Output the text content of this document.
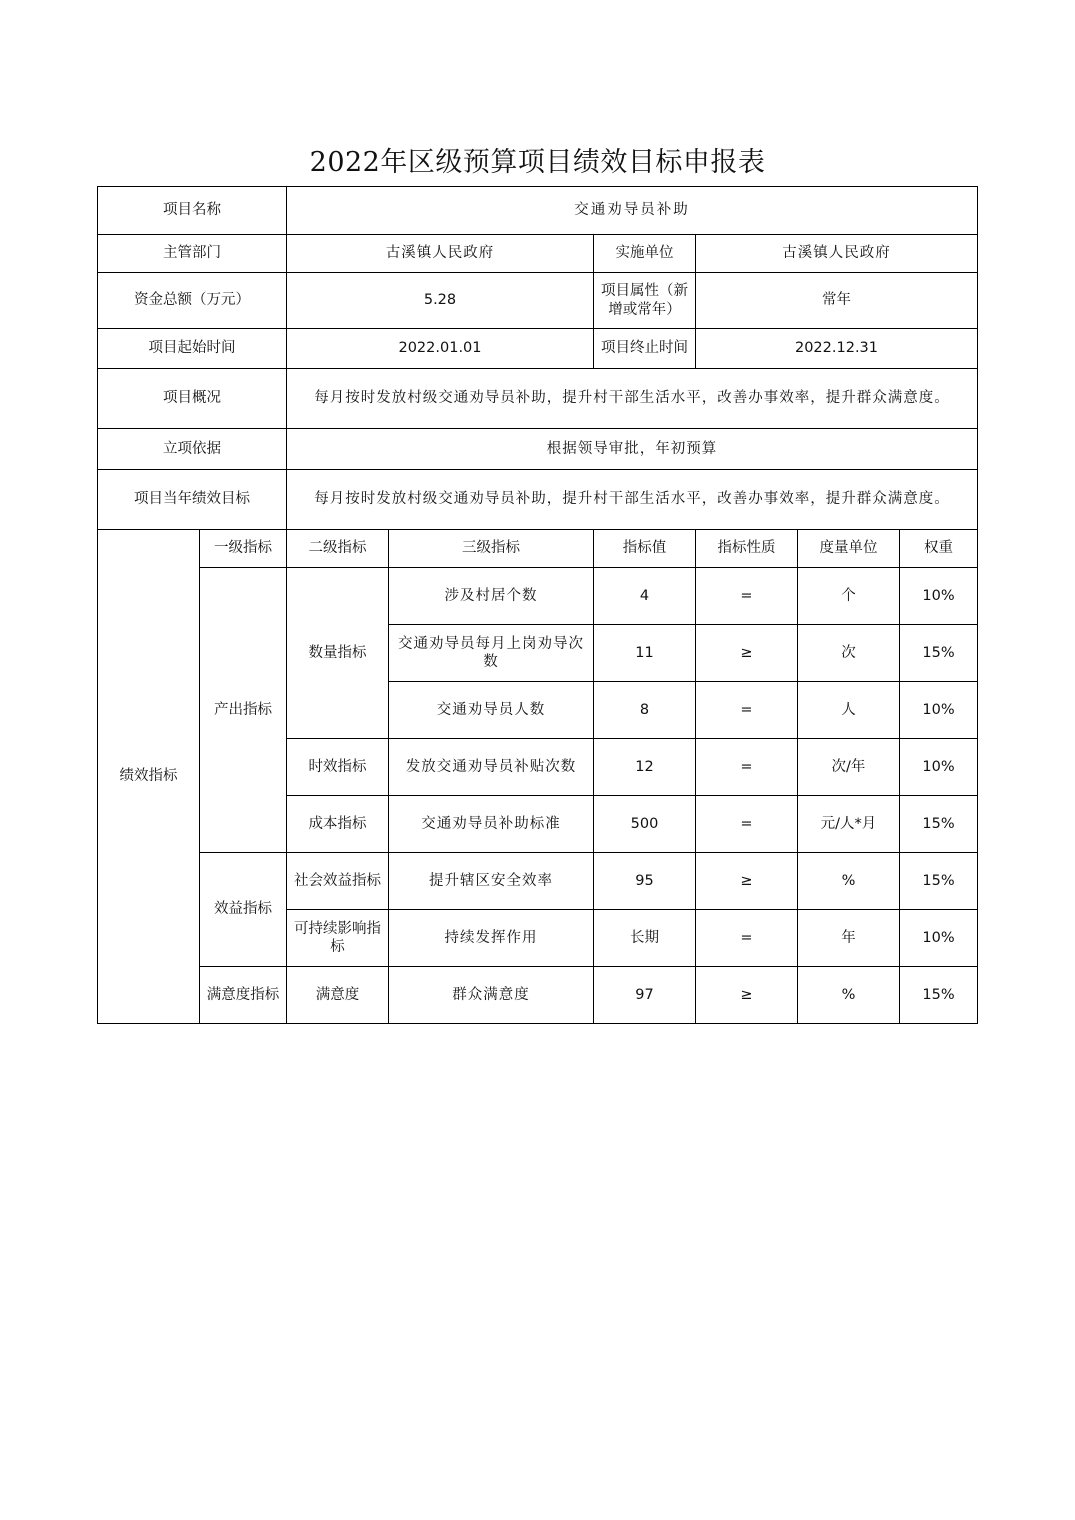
2022年区级预算项目绩效目标申报表
项目名称		交通劝导员补助					
主管部门		古溪镇人民政府		实施单位	古溪镇人民政府		
资金总额（万元）		5.28		项目属性（新增或常年）	常年		
项目起始时间		2022.01.01		项目终止时间	2022.12.31		
项目概况		每月按时发放村级交通劝导员补助，提升村干部生活水平，改善办事效率，提升群众满意度。					
立项依据		根据领导审批，年初预算					
项目当年绩效目标		每月按时发放村级交通劝导员补助，提升村干部生活水平，改善办事效率，提升群众满意度。					
绩效指标	一级指标	二级指标	三级指标	指标值	指标性质	度量单位	权重
	产出指标	数量指标	涉及村居个数	4	=	个	10%
			交通劝导员每月上岗劝导次数	11	≥	次	15%
			交通劝导员人数	8	=	人	10%
		时效指标	发放交通劝导员补贴次数	12	=	次/年	10%
		成本指标	交通劝导员补助标准	500	=	元/人*月	15%
	效益指标	社会效益指标	提升辖区安全效率	95	≥	%	15%
		可持续影响指标	持续发挥作用	长期	=	年	10%
	满意度指标	满意度	群众满意度	97	≥	%	15%
